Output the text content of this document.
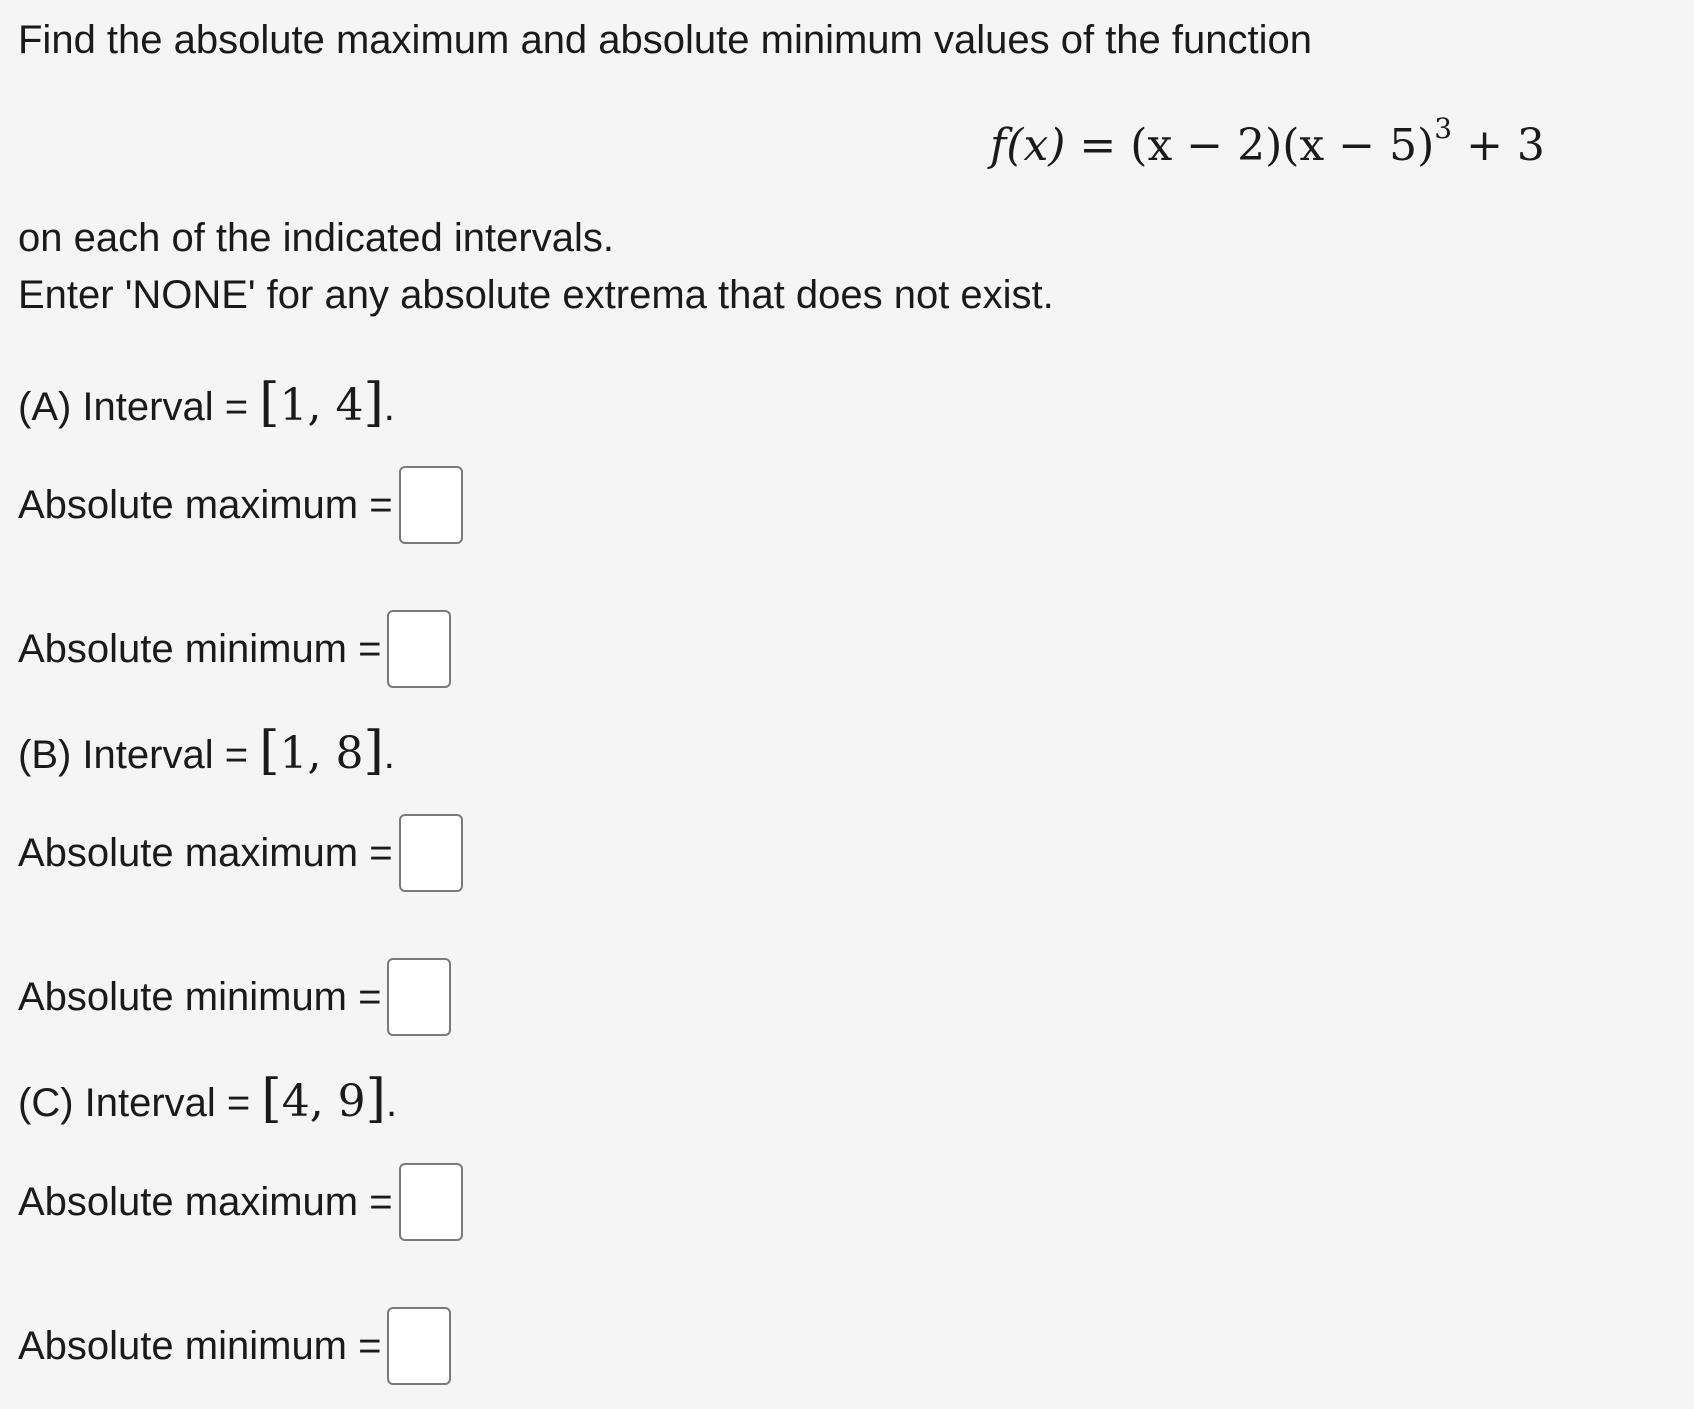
Find the absolute maximum and absolute minimum values of the function
$f(x) = (x - 2)(x - 5)^3 + 3$
on each of the indicated intervals.
Enter 'NONE' for any absolute extrema that does not exist.
(A) Interval = [1, 4].
Absolute maximum =
Absolute minimum =
(B) Interval = [1, 8].
Absolute maximum =
Absolute minimum =
(C) Interval = [4, 9].
Absolute maximum =
Absolute minimum =
